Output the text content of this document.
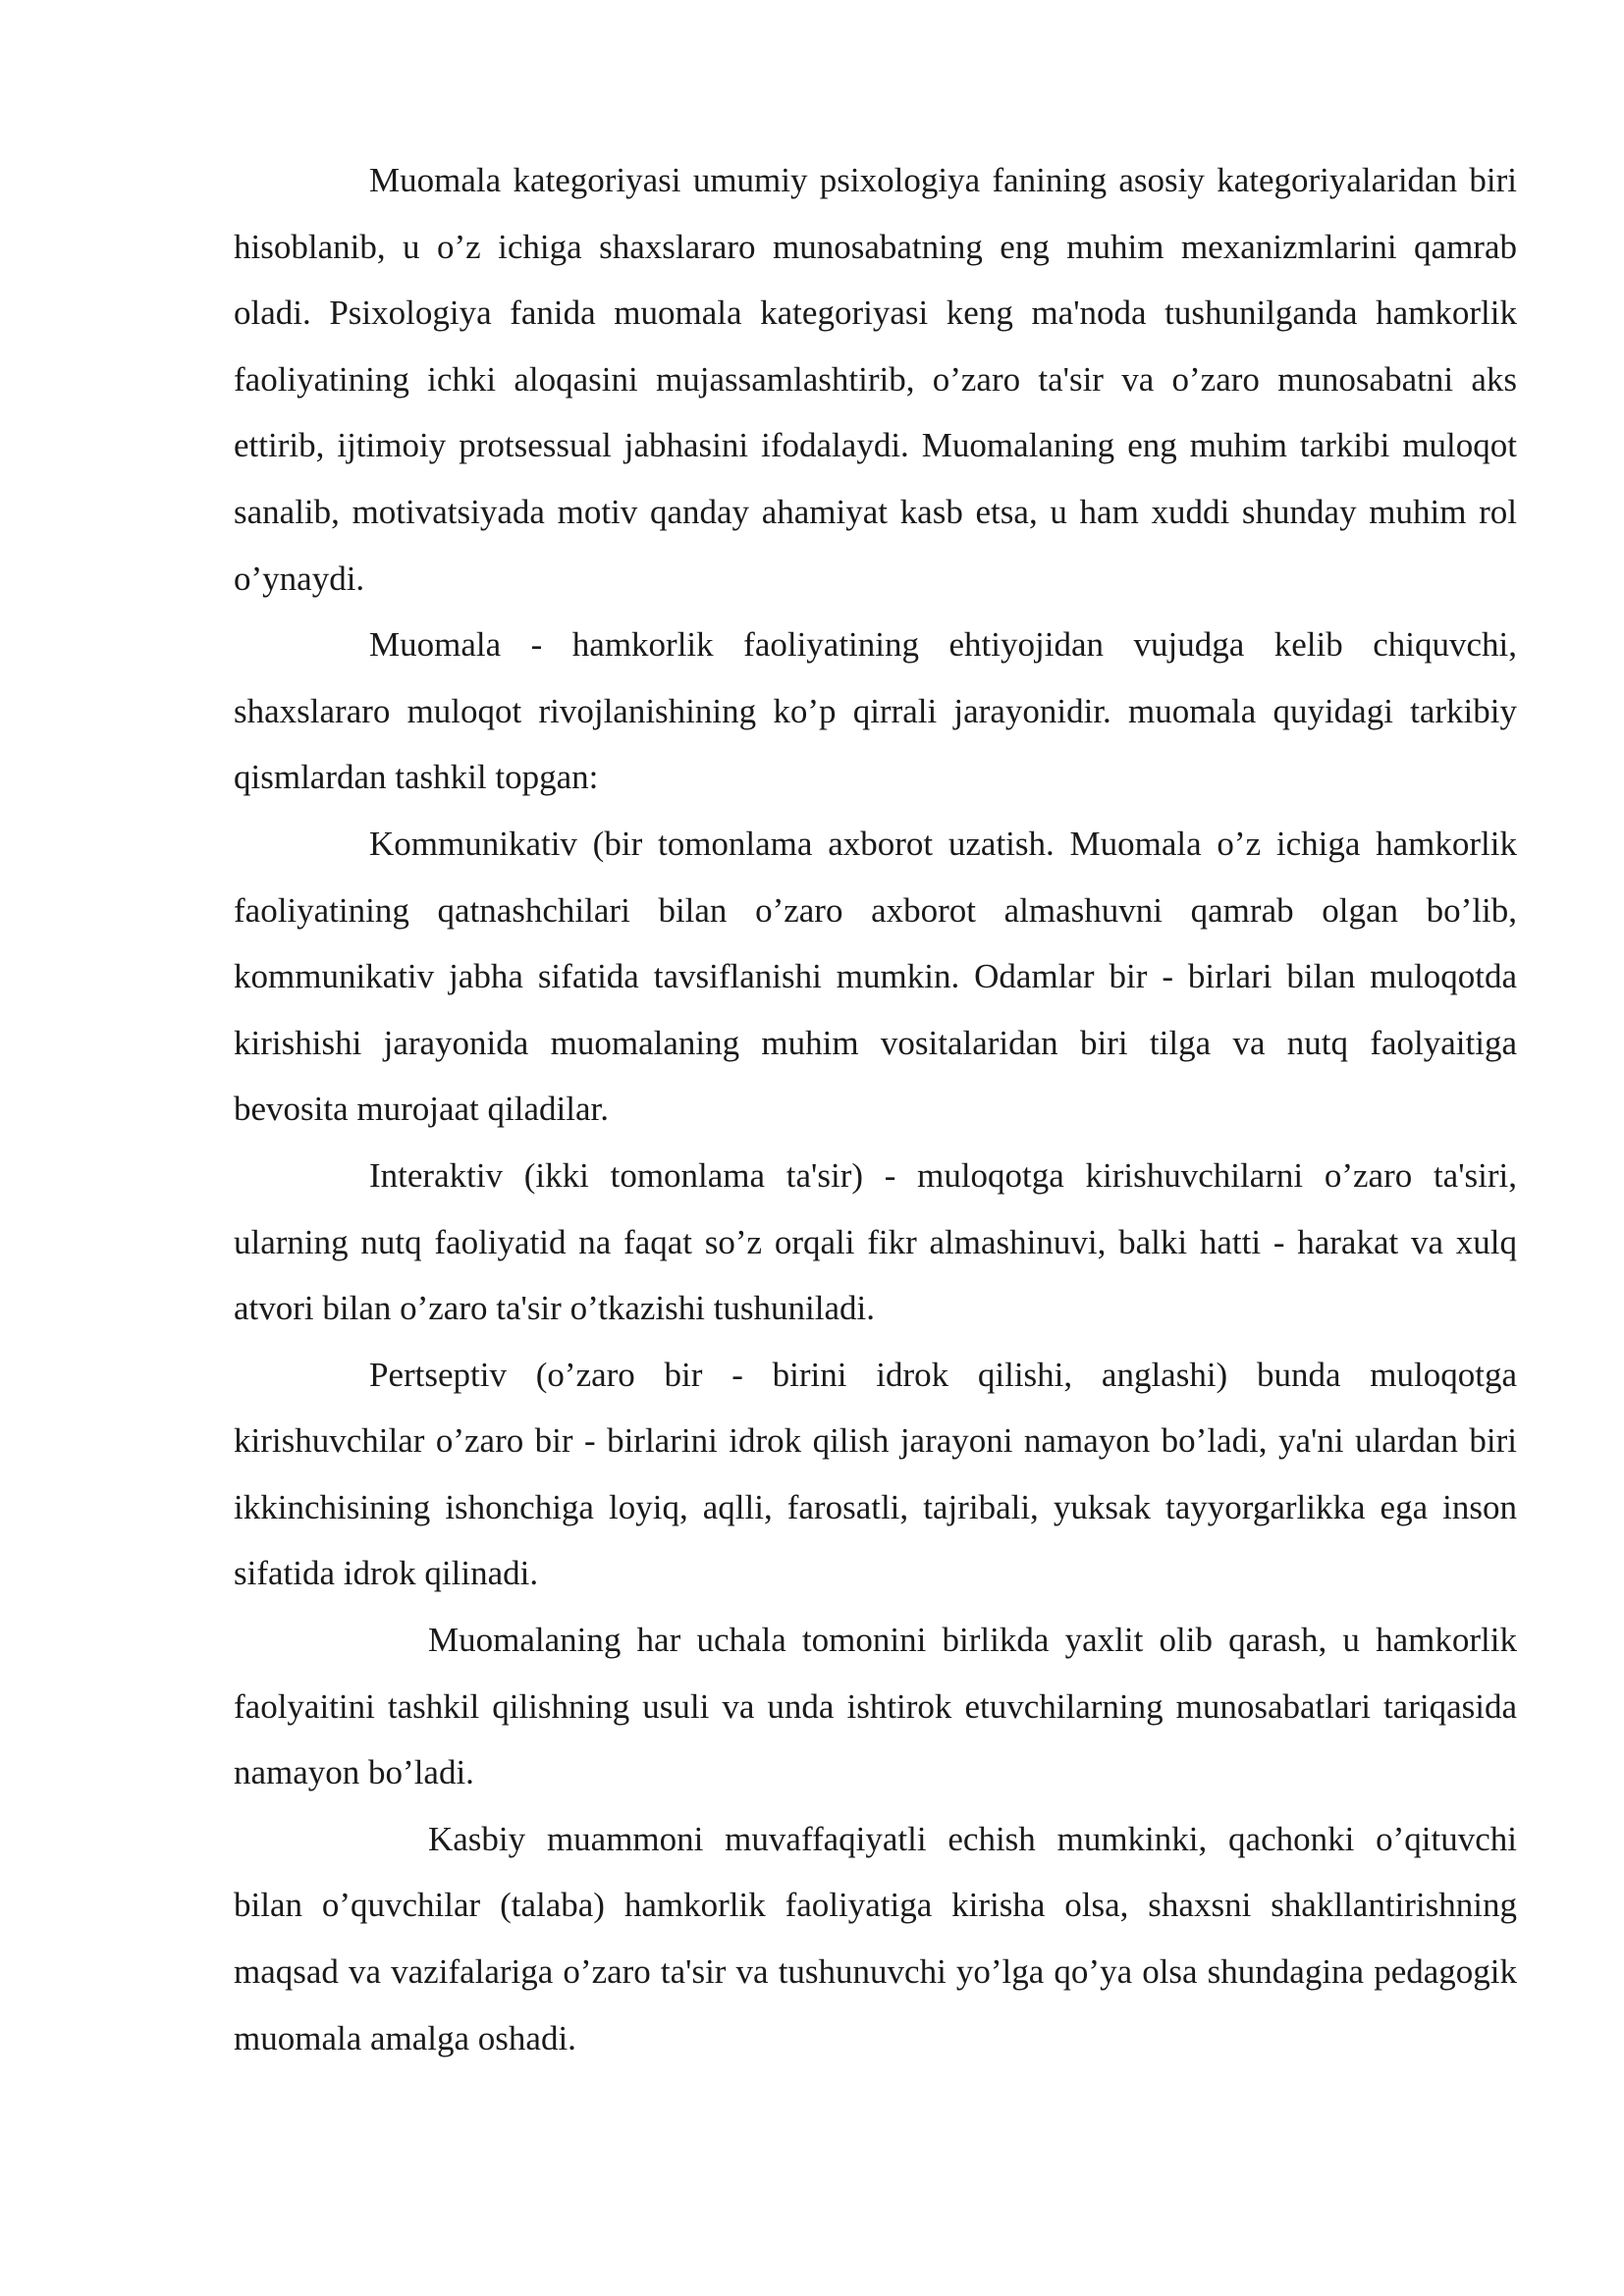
Muomala kategoriyasi umumiy psixologiya fanining asosiy kategoriyalaridan biri hisoblanib, u o’z ichiga shaxslararo munosabatning eng muhim mexanizmlarini qamrab oladi. Psixologiya fanida muomala kategoriyasi keng ma'noda tushunilganda hamkorlik faoliyatining ichki aloqasini mujassamlashtirib, o’zaro ta'sir va o’zaro munosabatni aks ettirib, ijtimoiy protsessual jabhasini ifodalaydi. Muomalaning eng muhim tarkibi muloqot sanalib, motivatsiyada motiv qanday ahamiyat kasb etsa, u ham xuddi shunday muhim rol o’ynaydi.

Muomala - hamkorlik faoliyatining ehtiyojidan vujudga kelib chiquvchi, shaxslararo muloqot rivojlanishining ko’p qirrali jarayonidir. muomala quyidagi tarkibiy qismlardan tashkil topgan:

Kommunikativ (bir tomonlama axborot uzatish. Muomala o’z ichiga hamkorlik faoliyatining qatnashchilari bilan o’zaro axborot almashuvni qamrab olgan bo’lib, kommunikativ jabha sifatida tavsiflanishi mumkin. Odamlar bir - birlari bilan muloqotda kirishishi jarayonida muomalaning muhim vositalaridan biri tilga va nutq faolyaitiga bevosita murojaat qiladilar.

Interaktiv (ikki tomonlama ta'sir) - muloqotga kirishuvchilarni o’zaro ta'siri, ularning nutq faoliyatid na faqat so’z orqali fikr almashinuvi, balki hatti - harakat va xulq atvori bilan o’zaro ta'sir o’tkazishi tushuniladi.

Pertseptiv (o’zaro bir - birini idrok qilishi, anglashi) bunda muloqotga kirishuvchilar o’zaro bir - birlarini idrok qilish jarayoni namayon bo’ladi, ya'ni ulardan biri ikkinchisining ishonchiga loyiq, aqlli, farosatli, tajribali, yuksak tayyorgarlikka ega inson sifatida idrok qilinadi.

Muomalaning har uchala tomonini birlikda yaxlit olib qarash, u hamkorlik faolyaitini tashkil qilishning usuli va unda ishtirok etuvchilarning munosabatlari tariqasida namayon bo’ladi.

Kasbiy muammoni muvaffaqiyatli echish mumkinki, qachonki o’qituvchi bilan o’quvchilar (talaba) hamkorlik faoliyatiga kirisha olsa, shaxsni shakllantirishning maqsad va vazifalariga o’zaro ta'sir va tushunuvchi yo’lga qo’ya olsa shundagina pedagogik muomala amalga oshadi.
